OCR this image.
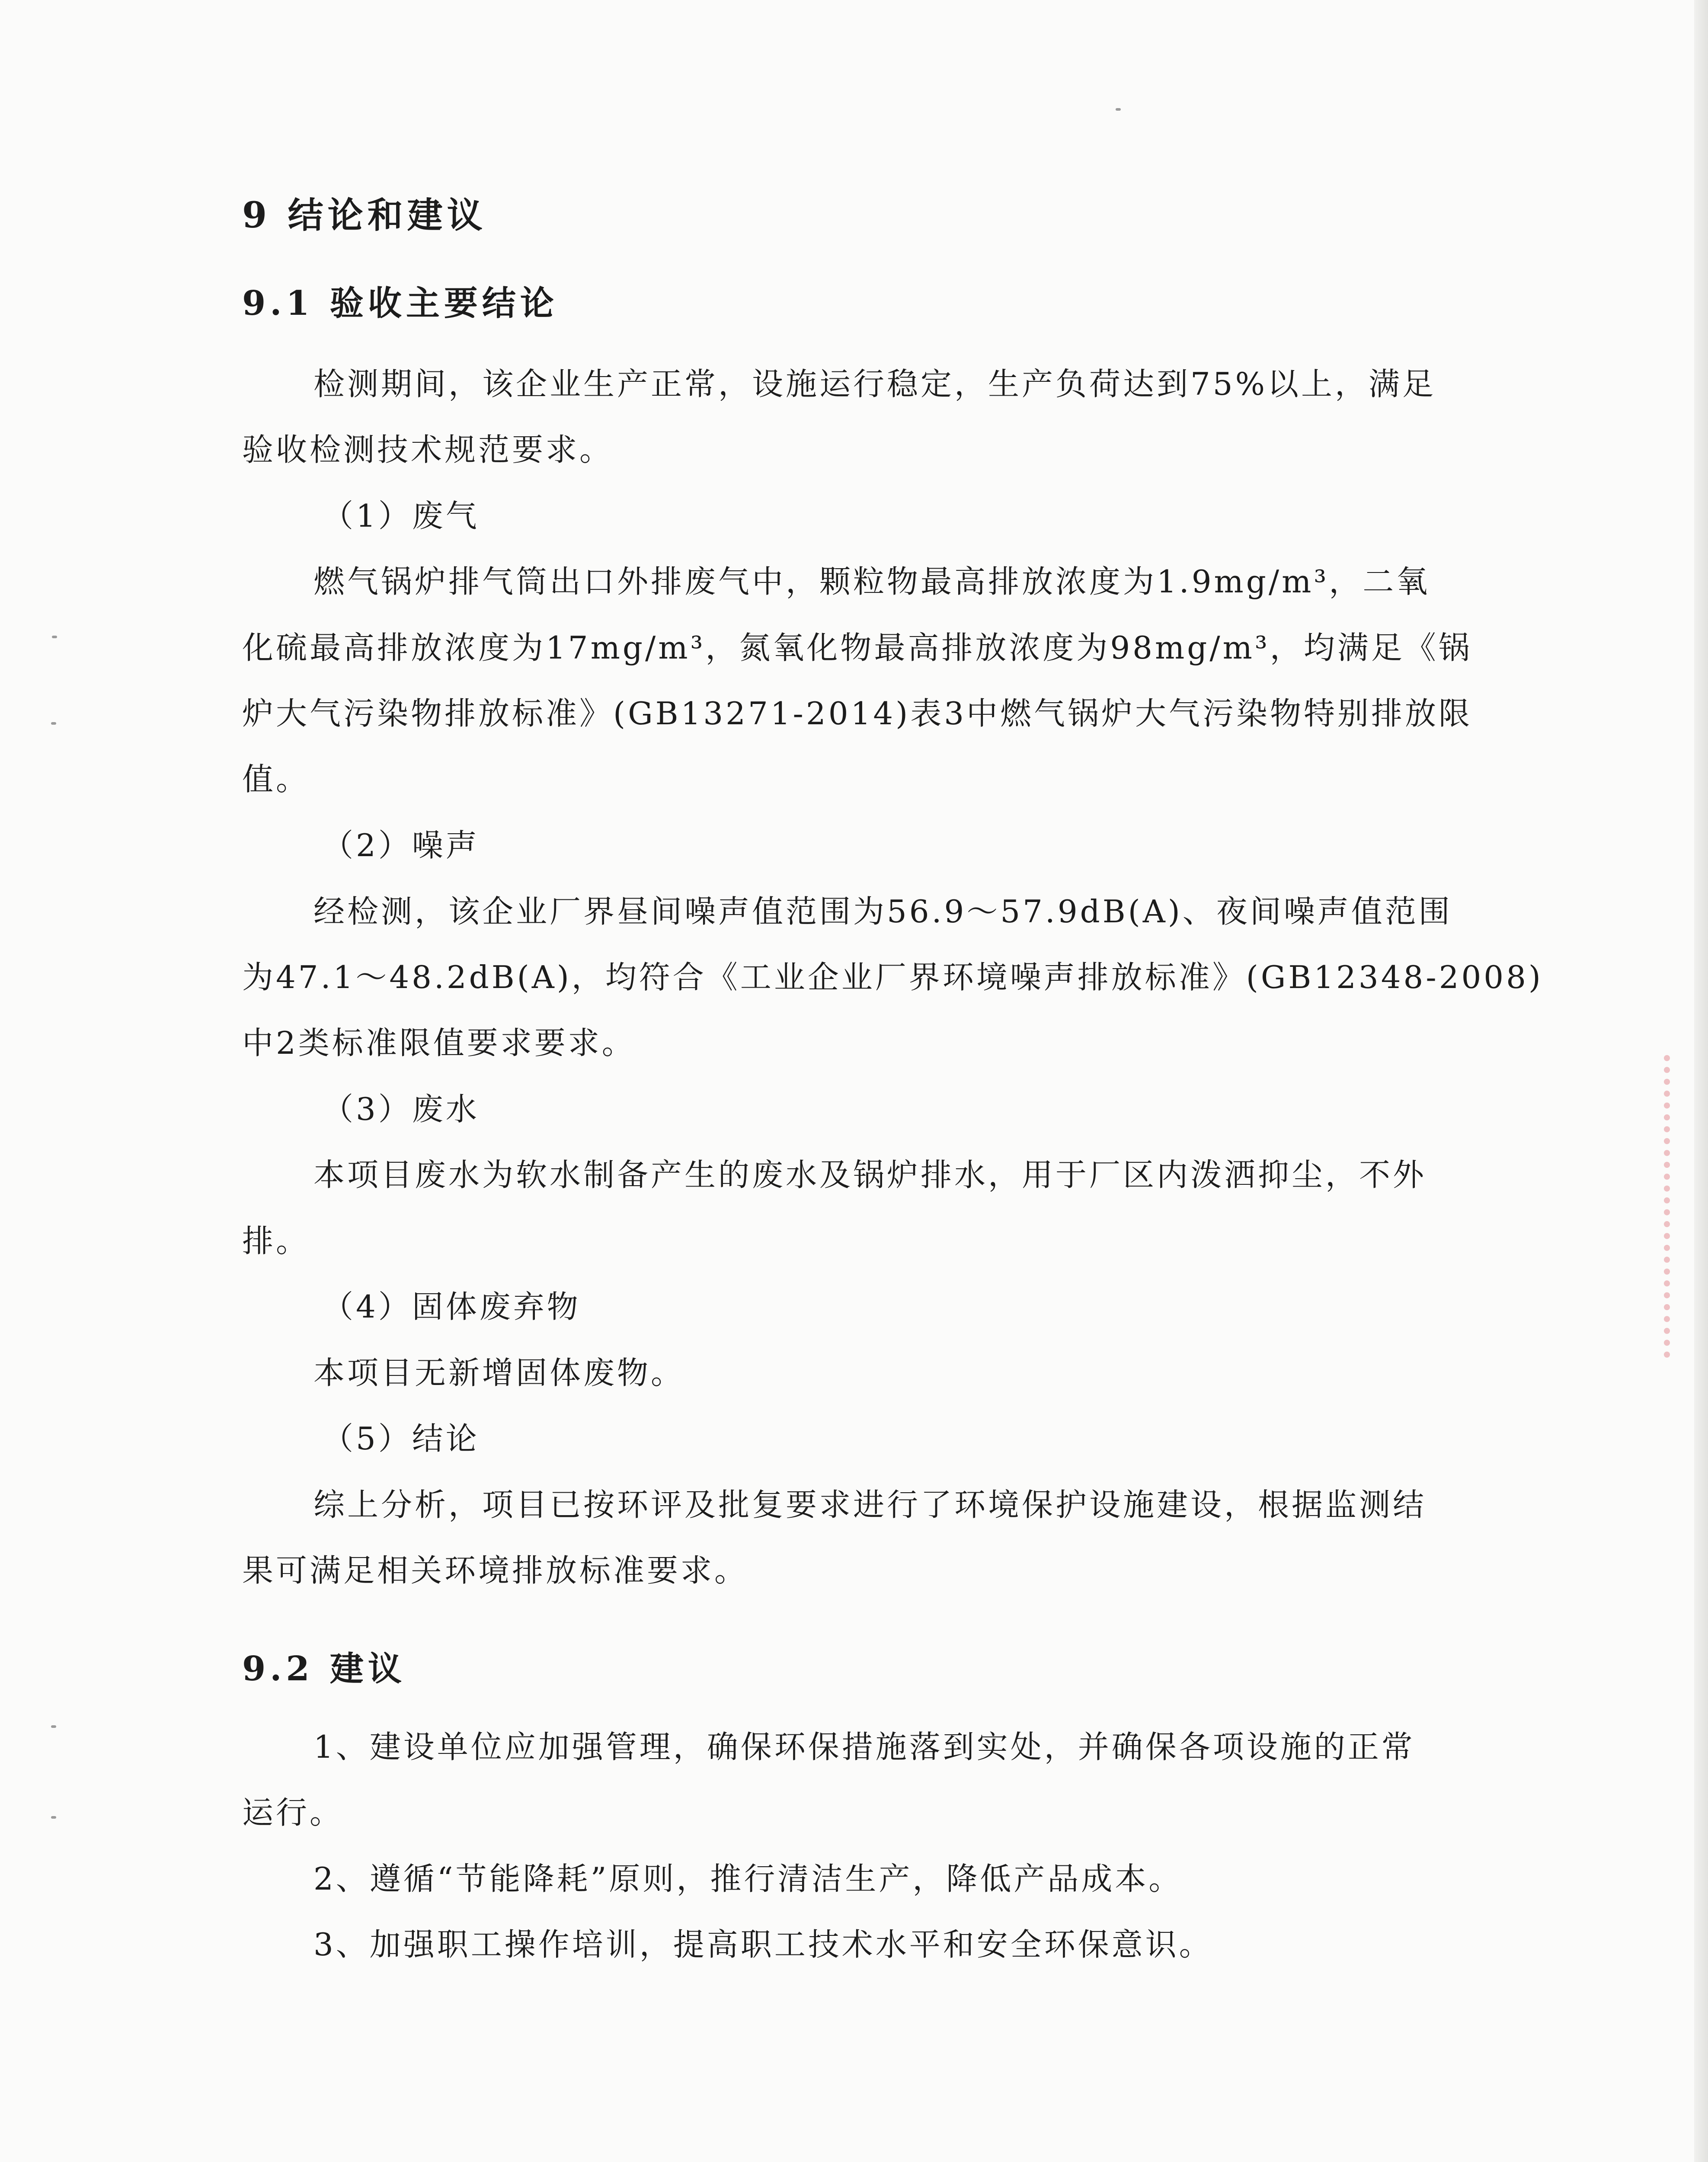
9 结论和建议
9.1 验收主要结论
检测期间，该企业生产正常，设施运行稳定，生产负荷达到75%以上，满足
验收检测技术规范要求。
（1）废气
燃气锅炉排气筒出口外排废气中，颗粒物最高排放浓度为1.9mg/m³，二氧
化硫最高排放浓度为17mg/m³，氮氧化物最高排放浓度为98mg/m³，均满足《锅
炉大气污染物排放标准》(GB13271-2014)表3中燃气锅炉大气污染物特别排放限
值。
（2）噪声
经检测，该企业厂界昼间噪声值范围为56.9～57.9dB(A)、夜间噪声值范围
为47.1～48.2dB(A)，均符合《工业企业厂界环境噪声排放标准》(GB12348-2008)
中2类标准限值要求要求。
（3）废水
本项目废水为软水制备产生的废水及锅炉排水，用于厂区内泼洒抑尘，不外
排。
（4）固体废弃物
本项目无新增固体废物。
（5）结论
综上分析，项目已按环评及批复要求进行了环境保护设施建设，根据监测结
果可满足相关环境排放标准要求。
9.2 建议
1、建设单位应加强管理，确保环保措施落到实处，并确保各项设施的正常
运行。
2、遵循“节能降耗”原则，推行清洁生产，降低产品成本。
3、加强职工操作培训，提高职工技术水平和安全环保意识。
